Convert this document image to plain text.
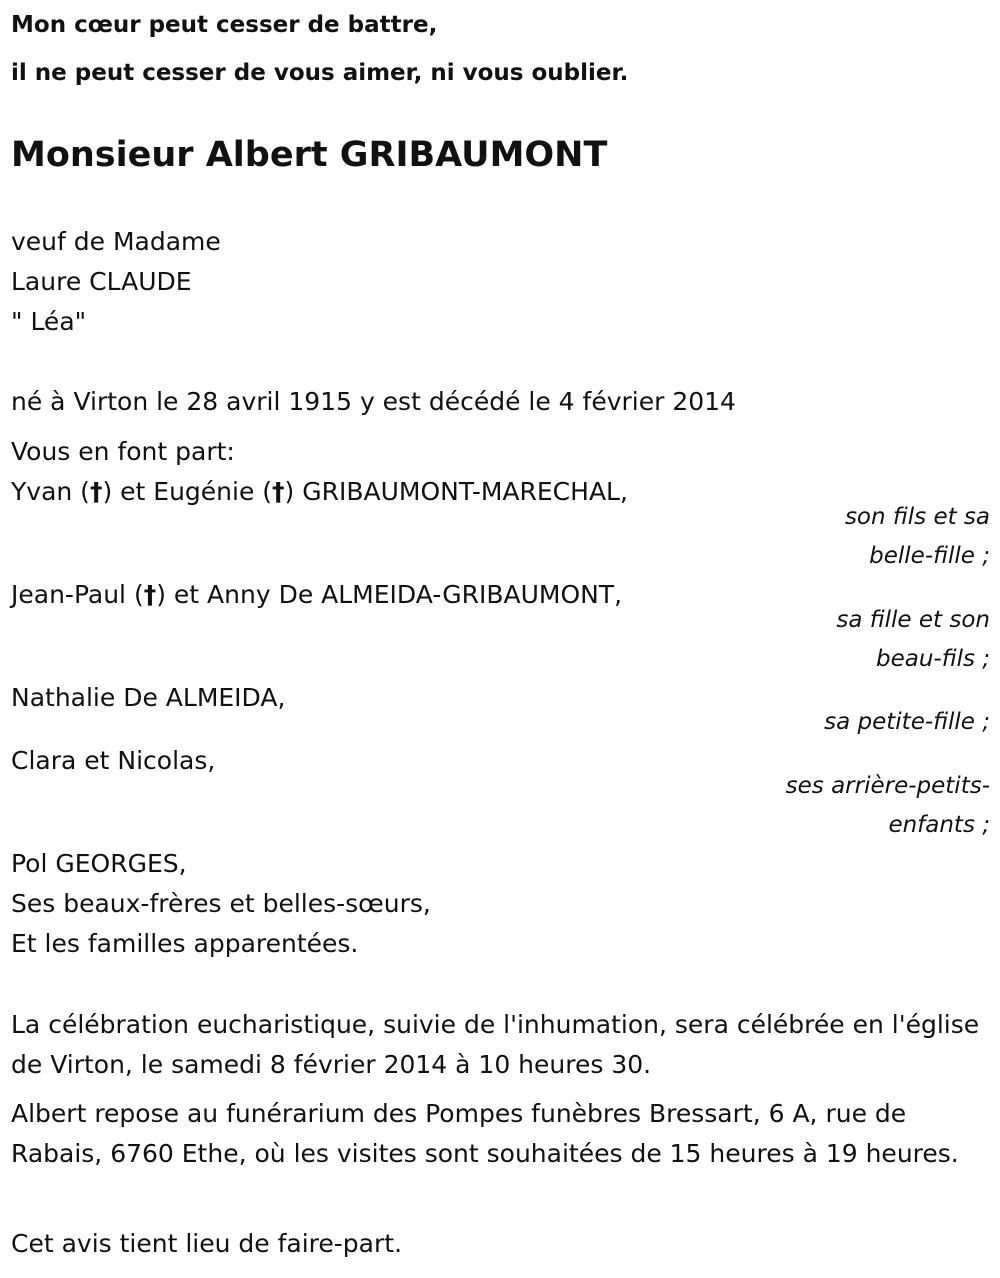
Mon cœur peut cesser de battre,

il ne peut cesser de vous aimer, ni vous oublier.

Monsieur Albert GRIBAUMONT

veuf de Madame

Laure CLAUDE

" Léa"

né à Virton le 28 avril 1915 y est décédé le 4 février 2014

Vous en font part:

Yvan (†) et Eugénie (†) GRIBAUMONT-MARECHAL,

son fils et sa
belle-fille ;

Jean-Paul (†) et Anny De ALMEIDA-GRIBAUMONT,

sa fille et son
beau-fils ;

Nathalie De ALMEIDA,

sa petite-fille ;

Clara et Nicolas,

ses arrière-petits-
enfants ;

Pol GEORGES,

Ses beaux-frères et belles-sœurs,

Et les familles apparentées.

La célébration eucharistique, suivie de l'inhumation, sera célébrée en l'église de Virton, le samedi 8 février 2014 à 10 heures 30.

Albert repose au funérarium des Pompes funèbres Bressart, 6 A, rue de Rabais, 6760 Ethe, où les visites sont souhaitées de 15 heures à 19 heures.

Cet avis tient lieu de faire-part.
